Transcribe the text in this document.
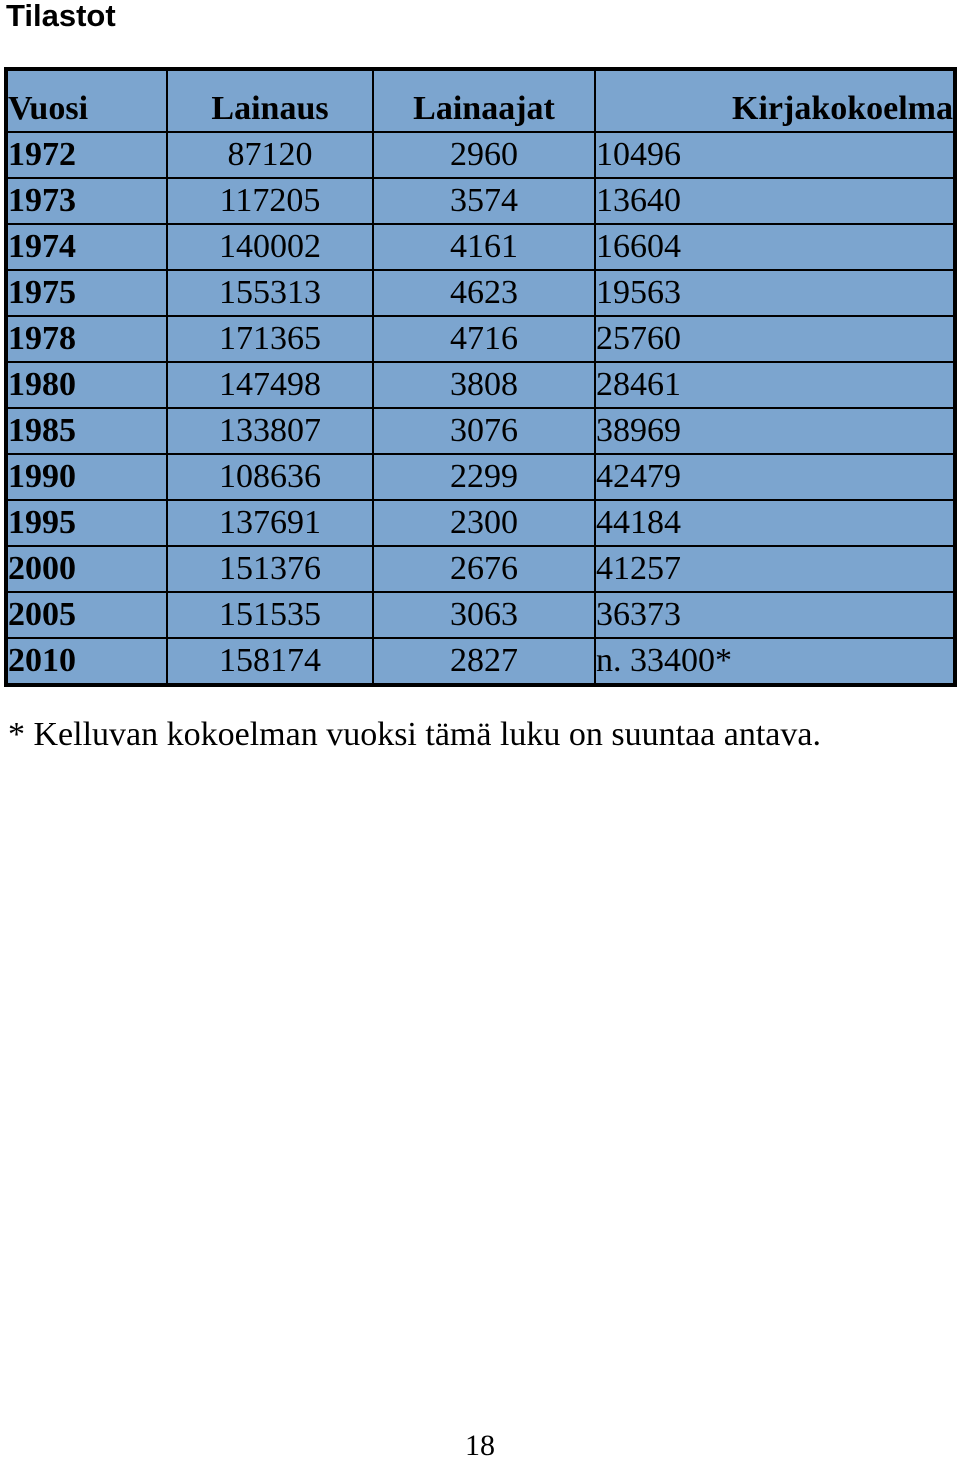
Tilastot
Vuosi	Lainaus	Lainaajat	Kirjakokoelma
1972	87120	2960	10496
1973	117205	3574	13640
1974	140002	4161	16604
1975	155313	4623	19563
1978	171365	4716	25760
1980	147498	3808	28461
1985	133807	3076	38969
1990	108636	2299	42479
1995	137691	2300	44184
2000	151376	2676	41257
2005	151535	3063	36373
2010	158174	2827	n. 33400*

* Kelluvan kokoelman vuoksi tämä luku on suuntaa antava.

18
